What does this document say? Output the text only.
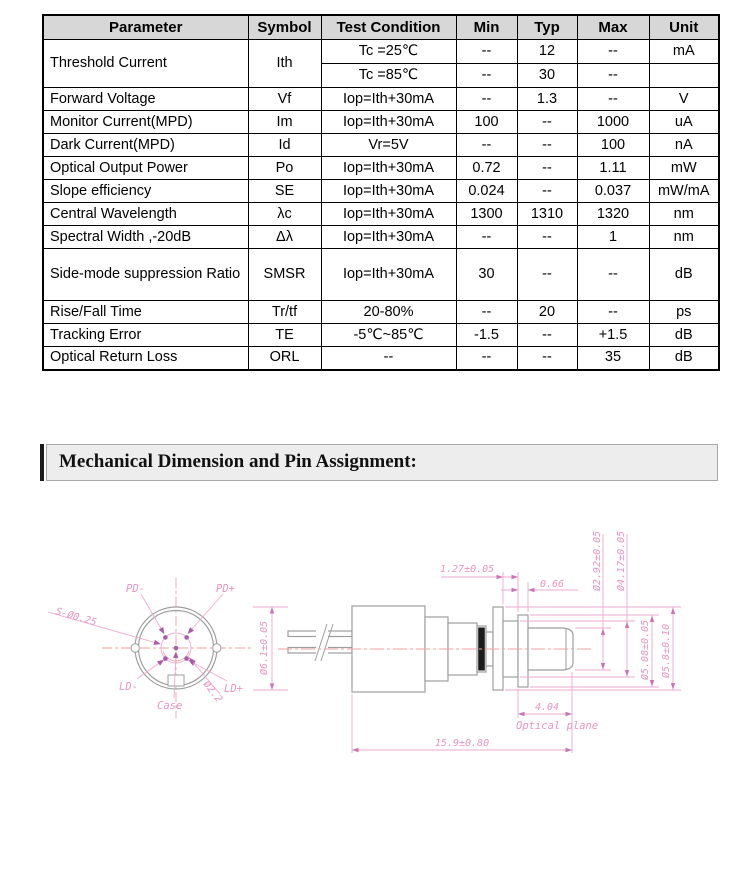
Parameter	Symbol	Test Condition	Min	Typ	Max	Unit
Threshold Current	Ith	Tc =25℃	--	12	--	mA
		Tc =85℃	--	30	--	
Forward Voltage	Vf	Iop=Ith+30mA	--	1.3	--	V
Monitor Current(MPD)	Im	Iop=Ith+30mA	100	--	1000	uA
Dark Current(MPD)	Id	Vr=5V	--	--	100	nA
Optical Output Power	Po	Iop=Ith+30mA	0.72	--	1.11	mW
Slope efficiency	SE	Iop=Ith+30mA	0.024	--	0.037	mW/mA
Central Wavelength	λc	Iop=Ith+30mA	1300	1310	1320	nm
Spectral Width ,-20dB	Δλ	Iop=Ith+30mA	--	--	1	nm
Side-mode suppression Ratio	SMSR	Iop=Ith+30mA	30	--	--	dB
Rise/Fall Time	Tr/tf	20-80%	--	20	--	ps
Tracking Error	TE	-5℃~85℃	-1.5	--	+1.5	dB
Optical Return Loss	ORL	--	--	--	35	dB
Mechanical Dimension and Pin Assignment:
PD-	PD+
LD-	LD+
Case
S-Ø0.25
Ø2.2
Ø6.1±0.05
1.27±0.05
0.66	Ø2.92±0.05 Ø4.17±0.05
Ø5.08±0.05 Ø5.8±0.10
4.04
Optical plane
15.9±0.80
